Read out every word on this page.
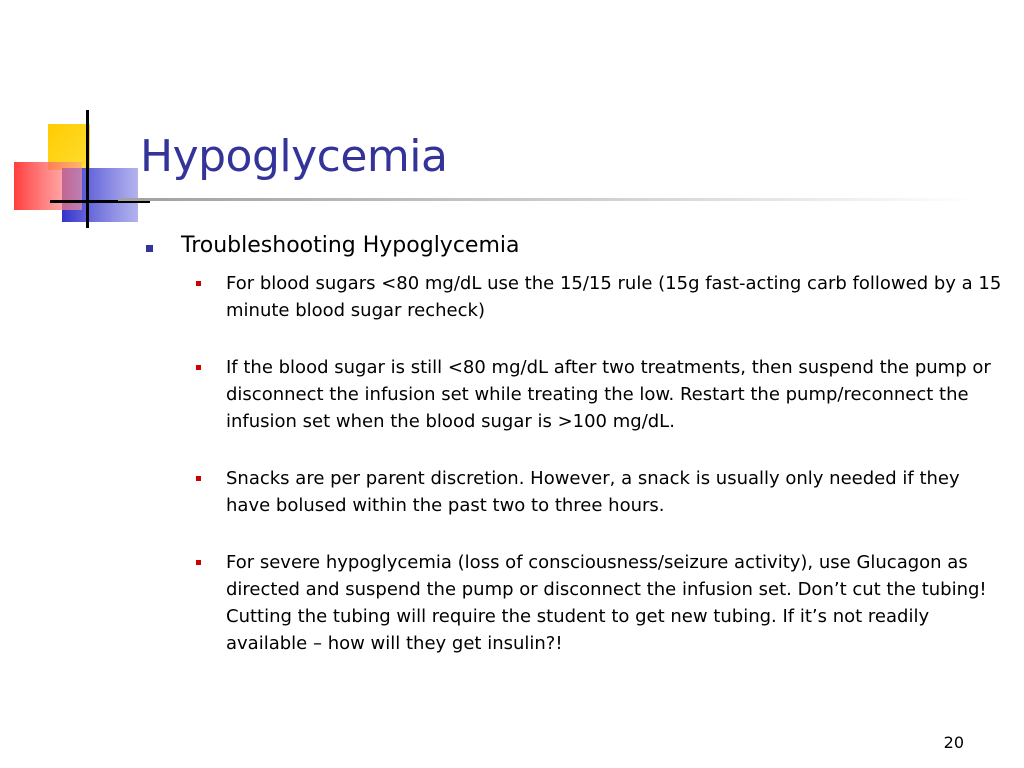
Hypoglycemia
Troubleshooting Hypoglycemia
For blood sugars <80 mg/dL use the 15/15 rule (15g fast-acting carb followed by a 15 minute blood sugar recheck)
If the blood sugar is still <80 mg/dL after two treatments, then suspend the pump or disconnect the infusion set while treating the low. Restart the pump/reconnect the infusion set when the blood sugar is >100 mg/dL.
Snacks are per parent discretion. However, a snack is usually only needed if they have bolused within the past two to three hours.
For severe hypoglycemia (loss of consciousness/seizure activity), use Glucagon as directed and suspend the pump or disconnect the infusion set. Don’t cut the tubing! Cutting the tubing will require the student to get new tubing. If it’s not readily available – how will they get insulin?!
20
